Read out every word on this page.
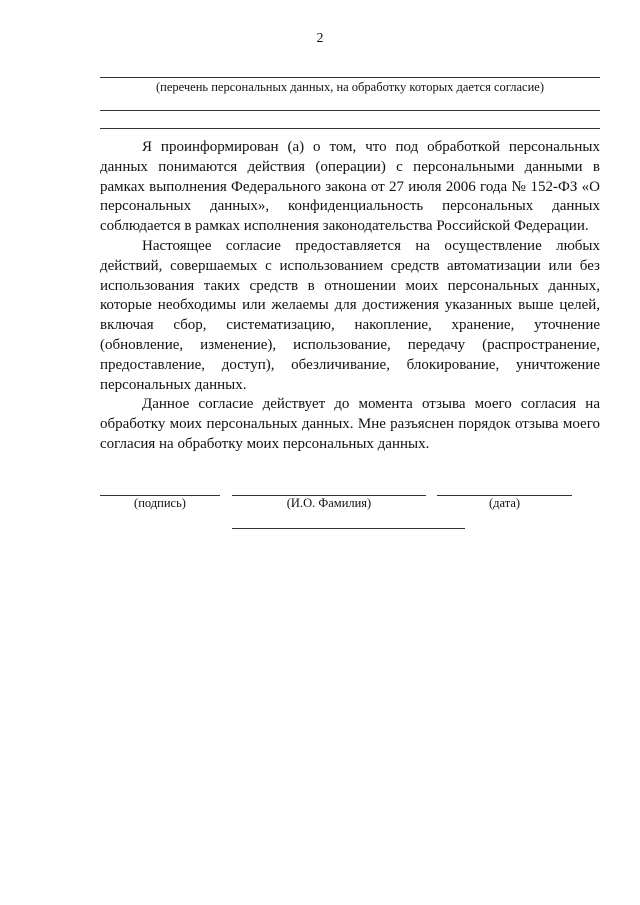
2
(перечень персональных данных, на обработку которых дается согласие)

Я проинформирован (а) о том, что под обработкой персональных данных понимаются действия (операции) с персональными данными в рамках выполнения Федерального закона от 27 июля 2006 года № 152-ФЗ «О персональных данных», конфиденциальность персональных данных соблюдается в рамках исполнения законодательства Российской Федерации.

Настоящее согласие предоставляется на осуществление любых действий, совершаемых с использованием средств автоматизации или без использования таких средств в отношении моих персональных данных, которые необходимы или желаемы для достижения указанных выше целей, включая сбор, систематизацию, накопление, хранение, уточнение (обновление, изменение), использование, передачу (распространение, предоставление, доступ), обезличивание, блокирование, уничтожение персональных данных.

Данное согласие действует до момента отзыва моего согласия на обработку моих персональных данных. Мне разъяснен порядок отзыва моего согласия на обработку моих персональных данных.

(подпись)	(И.О. Фамилия)	(дата)
